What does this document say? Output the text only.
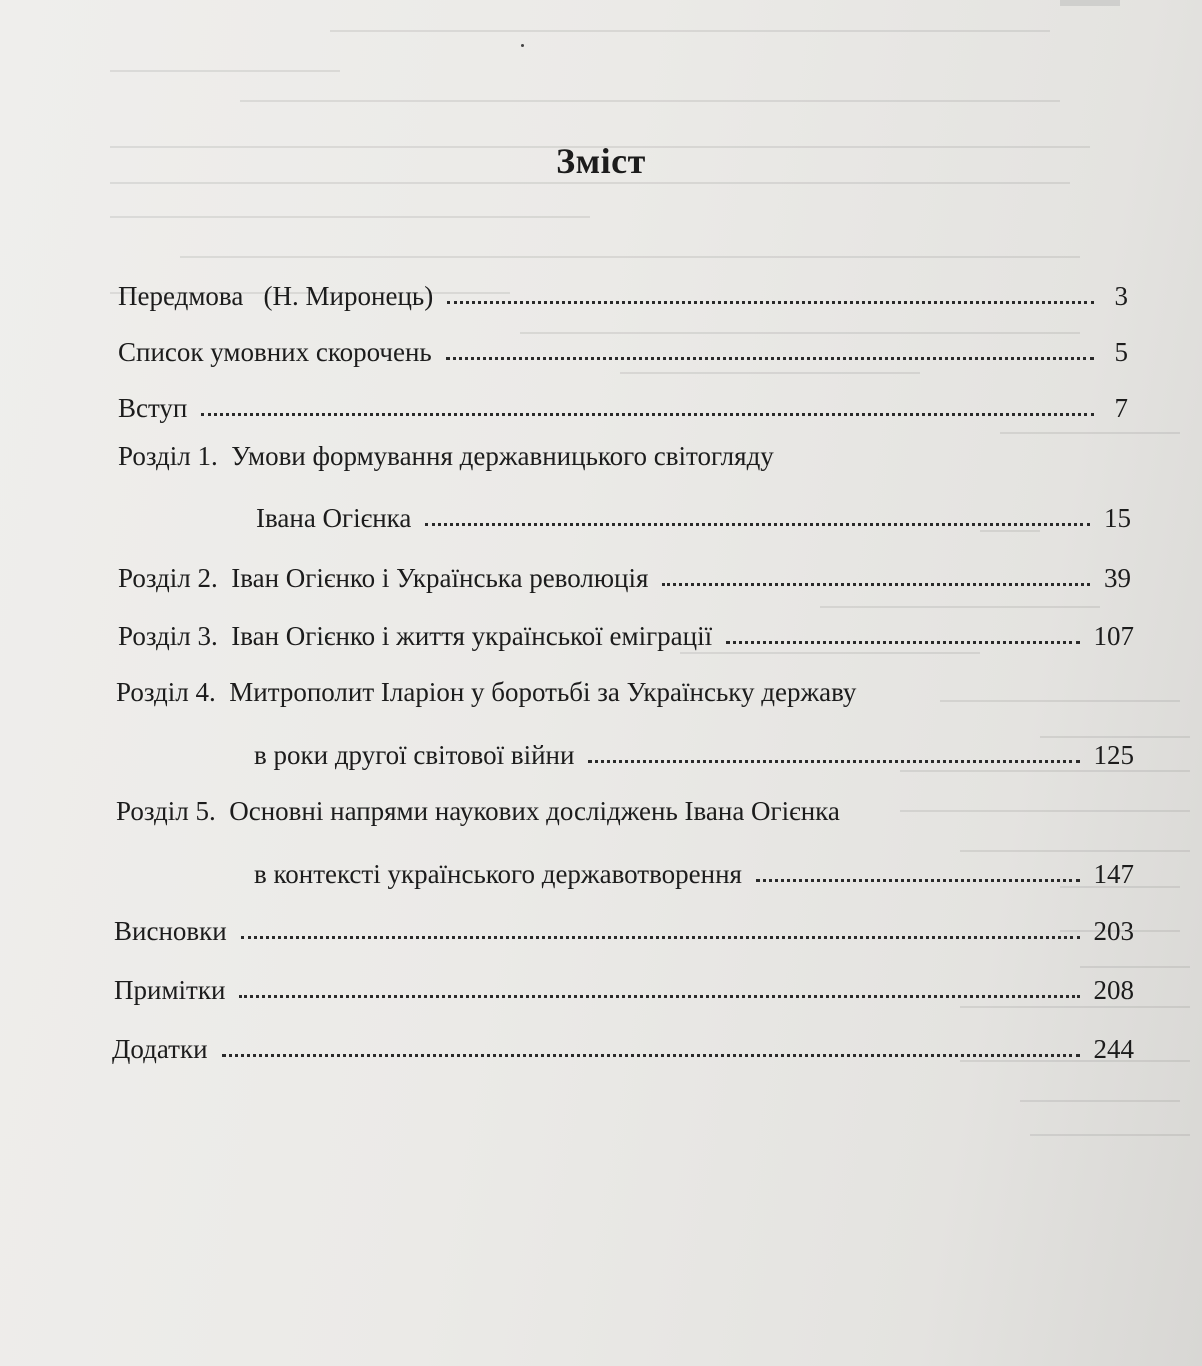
Зміст
Передмова   (Н. Миронець)	3
Список умовних скорочень	5
Вступ	7
Розділ 1.  Умови формування державницького світогляду
Івана Огієнка	15
Розділ 2.  Іван Огієнко і Українська революція	39
Розділ 3.  Іван Огієнко і життя української еміграції	107
Розділ 4.  Митрополит Іларіон у боротьбі за Українську державу
в роки другої світової війни	125
Розділ 5.  Основні напрями наукових досліджень Івана Огієнка
в контексті українського державотворення	147
Висновки	203
Примітки	208
Додатки	244
